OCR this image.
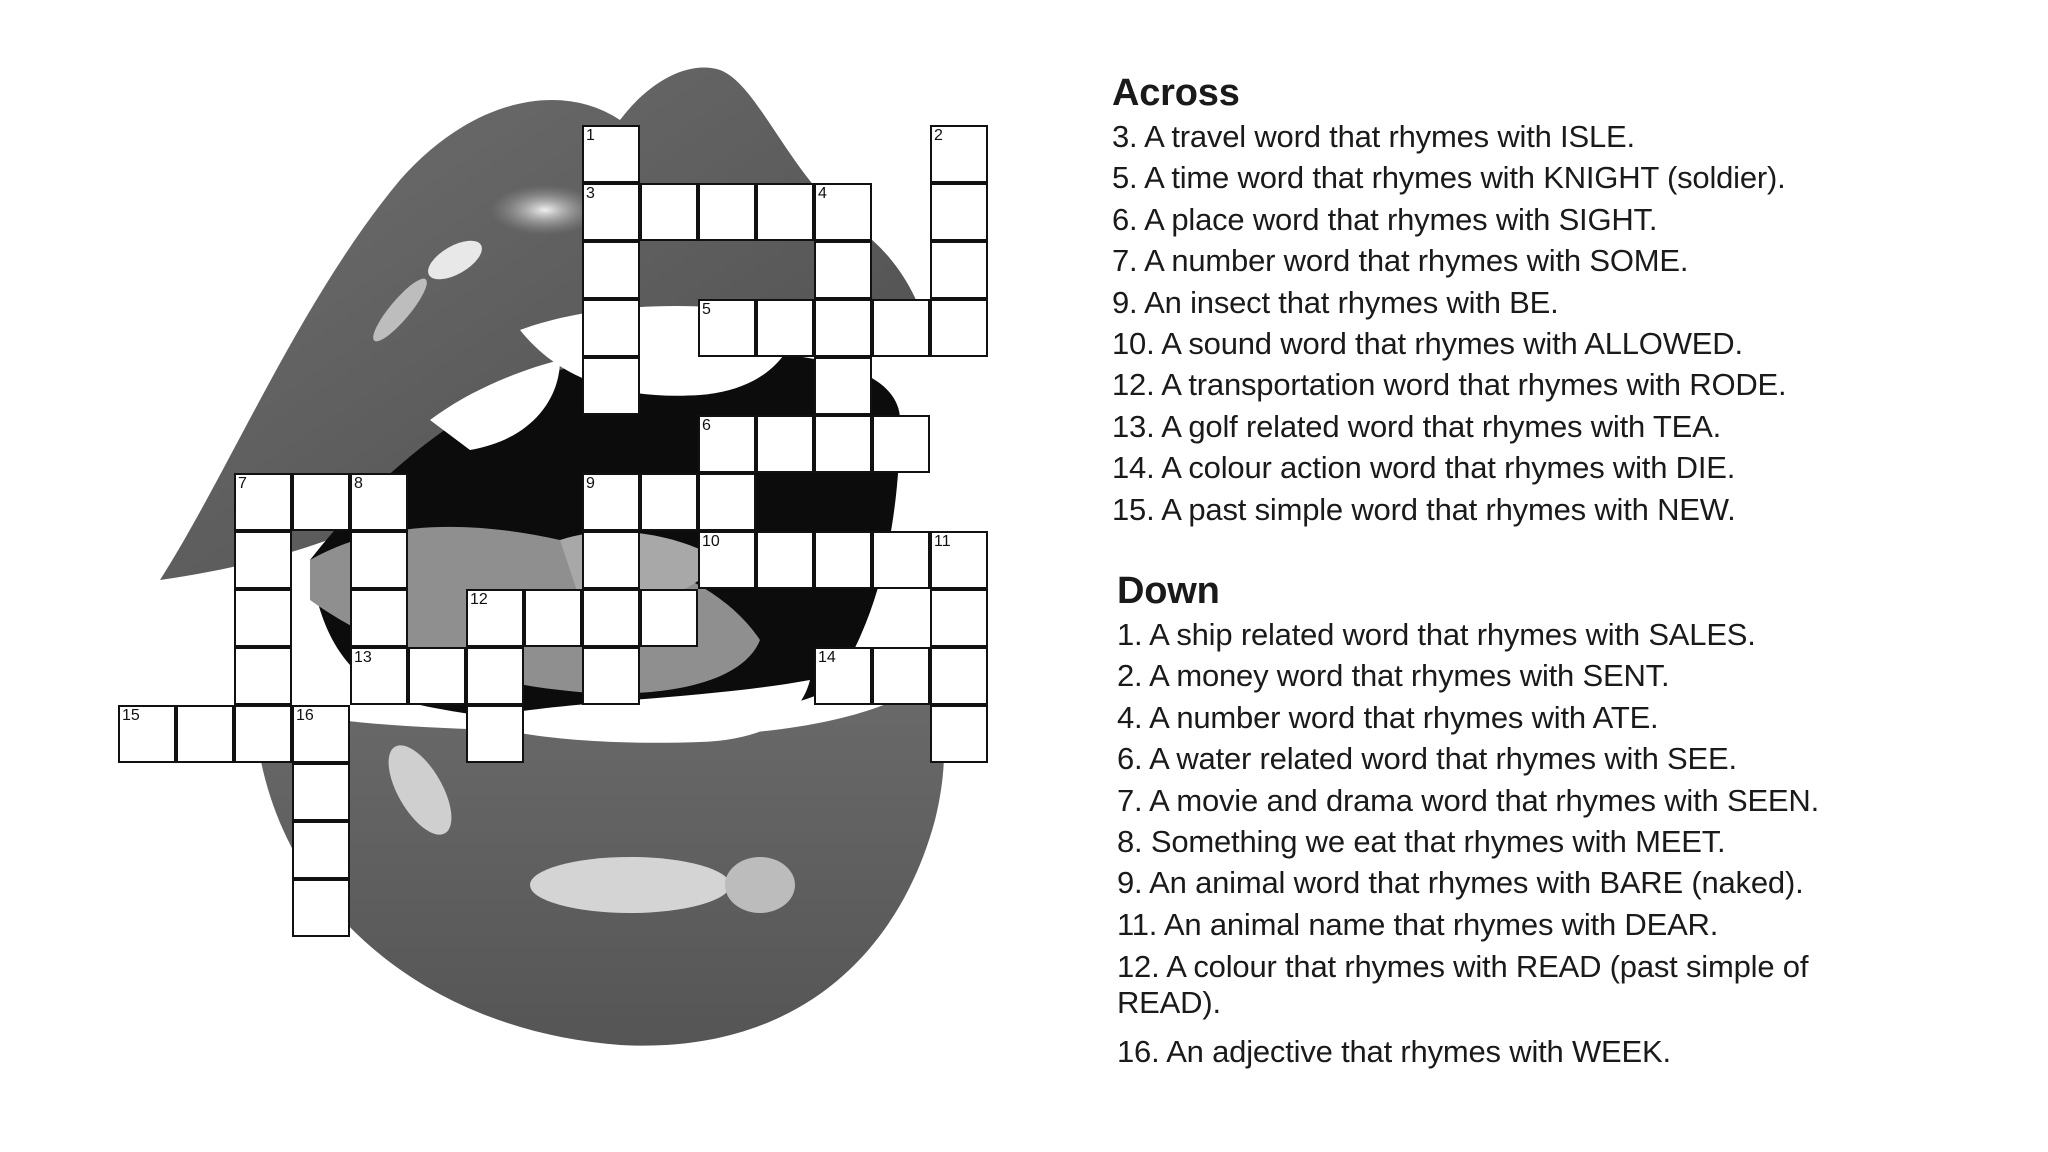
1	2
3	4
5
6
7	8	9
10	11
12
13	14
15	16
Across
3. A travel word that rhymes with ISLE.
5. A time word that rhymes with KNIGHT (soldier).
6. A place word that rhymes with SIGHT.
7. A number word that rhymes with SOME.
9. An insect that rhymes with BE.
10. A sound word that rhymes with ALLOWED.
12. A transportation word that rhymes with RODE.
13. A golf related word that rhymes with TEA.
14. A colour action word that rhymes with DIE.
15. A past simple word that rhymes with NEW.
Down
1. A ship related word that rhymes with SALES.
2. A money word that rhymes with SENT.
4. A number word that rhymes with ATE.
6. A water related word that rhymes with SEE.
7. A movie and drama word that rhymes with SEEN.
8. Something we eat that rhymes with MEET.
9. An animal word that rhymes with BARE (naked).
11. An animal name that rhymes with DEAR.
12. A colour that rhymes with READ (past simple of READ).
16. An adjective that rhymes with WEEK.
